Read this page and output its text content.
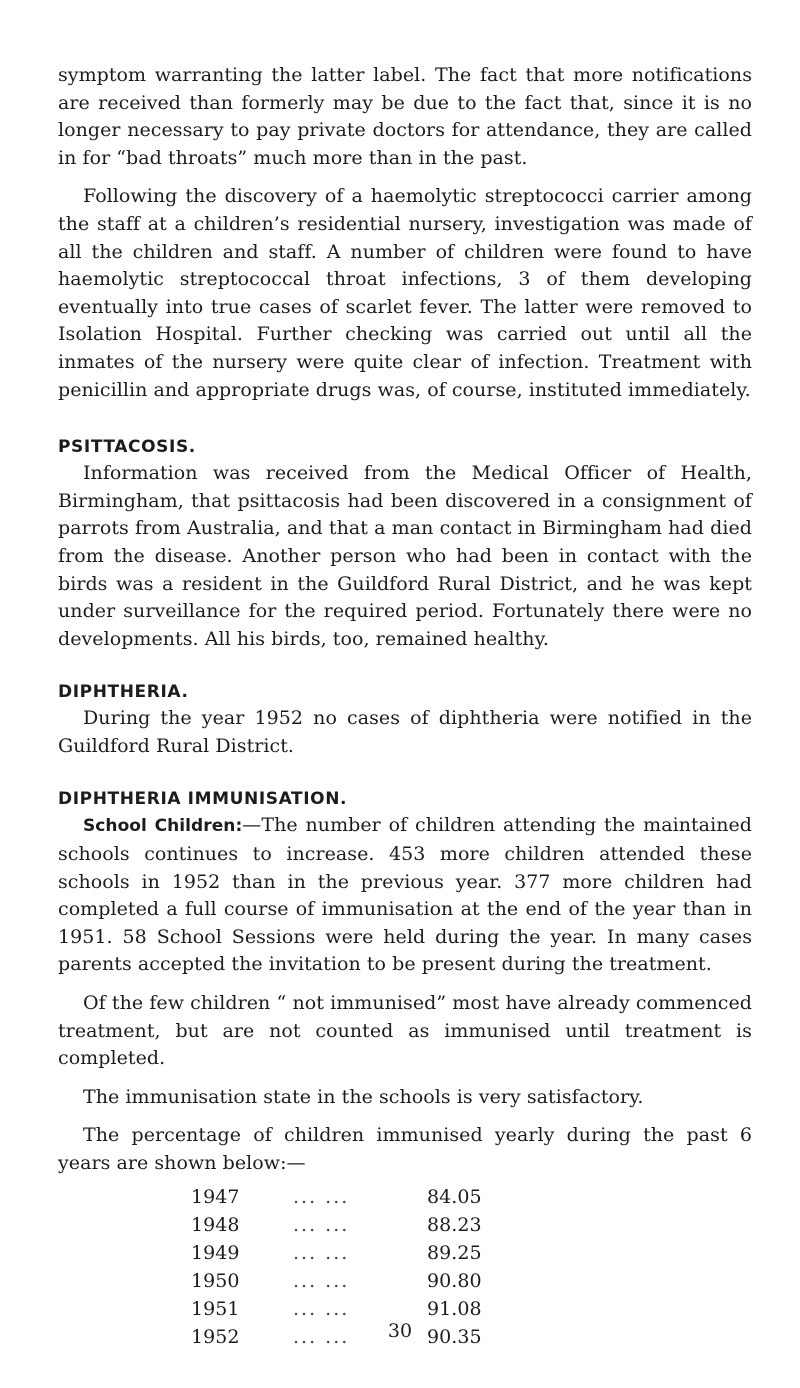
symptom warranting the latter label. The fact that more notifications are received than formerly may be due to the fact that, since it is no longer necessary to pay private doctors for attendance, they are called in for “bad throats” much more than in the past.

Following the discovery of a haemolytic streptococci carrier among the staff at a children’s residential nursery, investigation was made of all the children and staff. A number of children were found to have haemolytic streptococcal throat infections, 3 of them developing eventually into true cases of scarlet fever. The latter were removed to Isolation Hospital. Further checking was carried out until all the inmates of the nursery were quite clear of infection. Treatment with penicillin and appropriate drugs was, of course, instituted immediately.

PSITTACOSIS.

Information was received from the Medical Officer of Health, Birmingham, that psittacosis had been discovered in a consignment of parrots from Australia, and that a man contact in Birmingham had died from the disease. Another person who had been in contact with the birds was a resident in the Guildford Rural District, and he was kept under surveillance for the required period. Fortunately there were no developments. All his birds, too, remained healthy.

DIPHTHERIA.

During the year 1952 no cases of diphtheria were notified in the Guildford Rural District.

DIPHTHERIA IMMUNISATION.

School Children:—The number of children attending the maintained schools continues to increase. 453 more children attended these schools in 1952 than in the previous year. 377 more children had completed a full course of immunisation at the end of the year than in 1951. 58 School Sessions were held during the year. In many cases parents accepted the invitation to be present during the treatment.

Of the few children “ not immunised” most have already commenced treatment, but are not counted as immunised until treatment is completed.

The immunisation state in the schools is very satisfactory.

The percentage of children immunised yearly during the past 6 years are shown below:—

1947	... ...	84.05
1948	... ...	88.23
1949	... ...	89.25
1950	... ...	90.80
1951	... ...	91.08
1952	... ...	90.35
30
